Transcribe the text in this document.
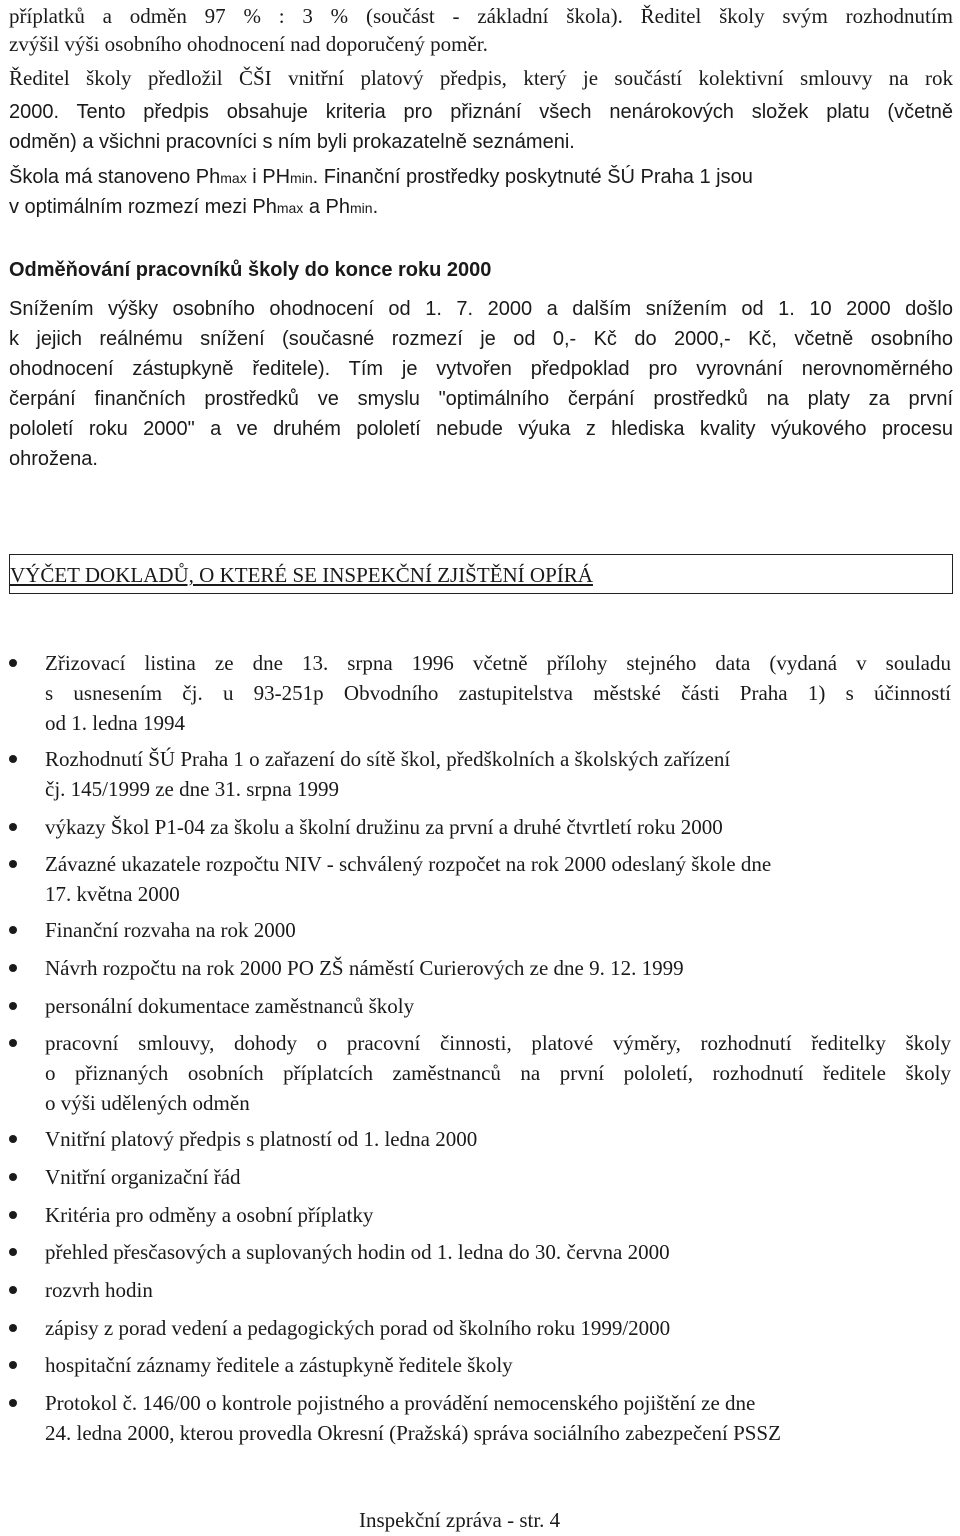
příplatků a odměn 97 % : 3 % (součást - základní škola). Ředitel školy svým rozhodnutím
zvýšil výši osobního ohodnocení nad doporučený poměr.
Ředitel školy předložil ČŠI vnitřní platový předpis, který je součástí kolektivní smlouvy na rok
2000. Tento předpis obsahuje kriteria pro přiznání všech nenárokových složek platu (včetně
odměn) a všichni pracovníci s ním byli prokazatelně seznámeni.
Škola má stanoveno Phmax i PHmin. Finanční prostředky poskytnuté ŠÚ Praha 1 jsou
v optimálním rozmezí mezi Phmax a Phmin.
Odměňování pracovníků školy do konce roku 2000
Snížením výšky osobního ohodnocení od 1. 7. 2000 a dalším snížením od 1. 10 2000 došlo
k jejich reálnému snížení (současné rozmezí je od 0,- Kč do 2000,- Kč, včetně osobního
ohodnocení zástupkyně ředitele). Tím je vytvořen předpoklad pro vyrovnání nerovnoměrného
čerpání finančních prostředků ve smyslu "optimálního čerpání prostředků na platy za první
pololetí roku 2000" a ve druhém pololetí nebude výuka z hlediska kvality výukového procesu
ohrožena.
VÝČET DOKLADŮ, O KTERÉ SE INSPEKČNÍ ZJIŠTĚNÍ OPÍRÁ
Zřizovací listina ze dne 13. srpna 1996 včetně přílohy stejného data (vydaná v souladu
s usnesením čj. u 93-251p Obvodního zastupitelstva městské části Praha 1) s účinností
od 1. ledna 1994
Rozhodnutí ŠÚ Praha 1 o zařazení do sítě škol, předškolních a školských zařízení
čj. 145/1999 ze dne 31. srpna 1999
výkazy Škol P1-04 za školu a školní družinu za první a druhé čtvrtletí roku 2000
Závazné ukazatele rozpočtu NIV - schválený rozpočet na rok 2000 odeslaný škole dne
17. května 2000
Finanční rozvaha na rok 2000
Návrh rozpočtu na rok 2000 PO ZŠ náměstí Curierových ze dne 9. 12. 1999
personální dokumentace zaměstnanců školy
pracovní smlouvy, dohody o pracovní činnosti, platové výměry, rozhodnutí ředitelky školy
o přiznaných osobních příplatcích zaměstnanců na první pololetí, rozhodnutí ředitele školy
o výši udělených odměn
Vnitřní platový předpis s platností od 1. ledna 2000
Vnitřní organizační řád
Kritéria pro odměny a osobní příplatky
přehled přesčasových a suplovaných hodin od 1. ledna do 30. června 2000
rozvrh hodin
zápisy z porad vedení a pedagogických porad od školního roku 1999/2000
hospitační záznamy ředitele a zástupkyně ředitele školy
Protokol č. 146/00 o kontrole pojistného a provádění nemocenského pojištění ze dne
24. ledna 2000, kterou provedla Okresní (Pražská) správa sociálního zabezpečení PSSZ
Inspekční zpráva - str. 4
